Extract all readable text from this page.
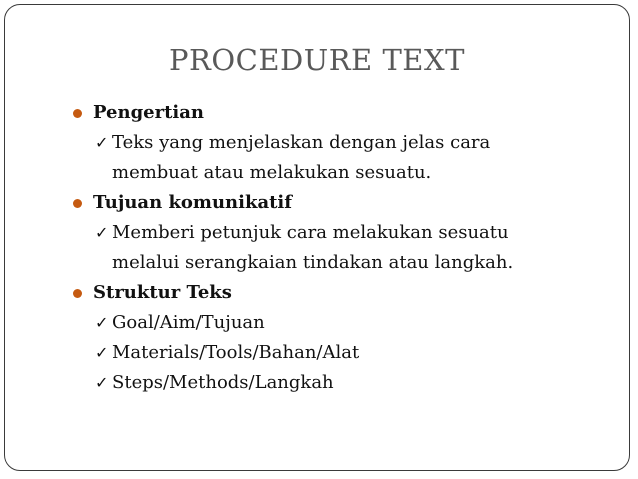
PROCEDURE TEXT
Pengertian
✓ Teks yang menjelaskan dengan jelas cara
membuat atau melakukan sesuatu.
Tujuan komunikatif
✓ Memberi petunjuk cara melakukan sesuatu
melalui serangkaian tindakan atau langkah.
Struktur Teks
✓ Goal/Aim/Tujuan
✓ Materials/Tools/Bahan/Alat
✓ Steps/Methods/Langkah
